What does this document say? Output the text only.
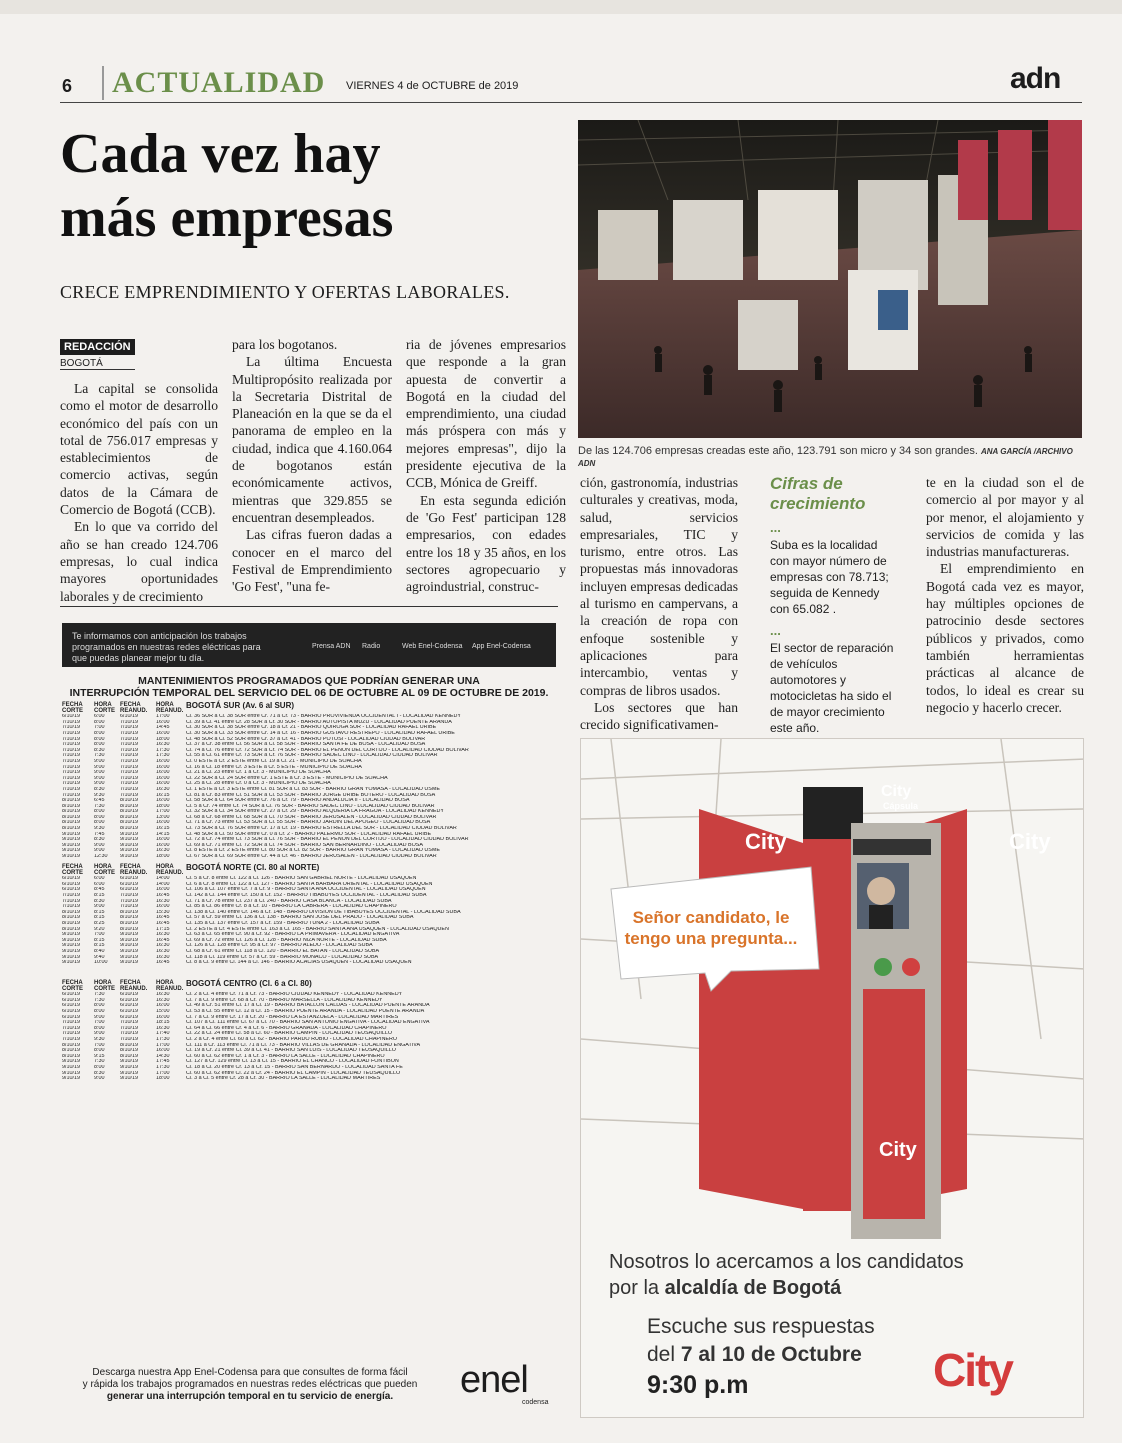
6	ACTUALIDAD VIERNES 4 de OCTUBRE de 2019	adn
Cada vez hay
más empresas
CRECE EMPRENDIMIENTO Y OFERTAS LABORALES.
De las 124.706 empresas creadas este año, 123.791 son micro y 34 son grandes. ANA GARCÍA /ARCHIVO ADN
REDACCIÓN
BOGOTÁ

La capital se consolida como el motor de desarrollo económico del país con un total de 756.017 empresas y establecimientos de comercio activas, según datos de la Cámara de Comercio de Bogotá (CCB).

En lo que va corrido del año se han creado 124.706 empresas, lo cual indica mayores oportunidades laborales y de crecimiento

para los bogotanos.

La última Encuesta Multipropósito realizada por la Secretaria Distrital de Planeación en la que se da el panorama de empleo en la ciudad, indica que 4.160.064 de bogotanos están económicamente activos, mientras que 329.855 se encuentran desempleados.

Las cifras fueron dadas a conocer en el marco del Festival de Emprendimiento 'Go Fest', "una fe-

ria de jóvenes empresarios que responde a la gran apuesta de convertir a Bogotá en la ciudad del emprendimiento, una ciudad más próspera con más y mejores empresas", dijo la presidente ejecutiva de la CCB, Mónica de Greiff.

En esta segunda edición de 'Go Fest' participan 128 empresarios, con edades entre los 18 y 35 años, en los sectores agropecuario y agroindustrial, construc-

ción, gastronomía, industrias culturales y creativas, moda, salud, servicios empresariales, TIC y turismo, entre otros. Las propuestas más innovadoras incluyen empresas dedicadas al turismo en campervans, a la creación de ropa con enfoque sostenible y aplicaciones para intercambio, ventas y compras de libros usados.

Los sectores que han crecido significativamen-

te en la ciudad son el de comercio al por mayor y al por menor, el alojamiento y servicios de comida y las industrias manufactureras.

El emprendimiento en Bogotá cada vez es mayor, hay múltiples opciones de patrocinio desde sectores públicos y privados, como también herramientas prácticas al alcance de todos, lo ideal es crear su negocio y hacerlo crecer.

Cifras de crecimiento
...
Suba es la localidad con mayor número de empresas con 78.713; seguida de Kennedy con 65.082 .
...
El sector de reparación de vehículos automotores y motocicletas ha sido el de mayor crecimiento este año.
Te informamos con anticipación los trabajos programados en nuestras redes eléctricas para que puedas planear mejor tu día.
Prensa ADN Radio	Web Enel-Codensa App Enel-Codensa
MANTENIMIENTOS PROGRAMADOS QUE PODRÍAN GENERAR UNA
INTERRUPCIÓN TEMPORAL DEL SERVICIO DEL 06 DE OCTUBRE AL 09 DE OCTUBRE DE 2019.
FECHA CORTE
HORA CORTE
FECHA REANUD.
HORA REANUD.
BOGOTÁ SUR (Av. 6 al SUR)
6/10/19	6:00	6/10/19	17:00	Cl. 36 SUR a Cl. 38 SUR entre Cr. 71 a Cr. 73 - BARRIO PROVIVIENDA OCCIDENTAL I - LOCALIDAD KENNEDY
7/10/19	8:00	7/10/19	16:00	Cl. 39 a Cl. 41 entre Cr. 28 SUR a Cr. 30 SUR - BARRIO AUTOPISTA MUZU - LOCALIDAD PUENTE ARANDA
7/10/19	7:00	7/10/19	14:45	Cl. 30 SUR a Cl. 38 SUR entre Cr. 18 a Cr. 21 - BARRIO QUIROGA SUR - LOCALIDAD RAFAEL URIBE
7/10/19	8:00	7/10/19	16:00	Cl. 30 SUR a Cl. 33 SUR entre Cr. 14 a Cr. 16 - BARRIO GUSTAVO RESTREPO - LOCALIDAD RAFAEL URIBE
7/10/19	8:00	7/10/19	18:00	Cl. 48 SUR a Cl. 52 SUR entre Cr. 37 a Cr. 41 - BARRIO POTOSI - LOCALIDAD CIUDAD BOLIVAR
7/10/19	8:00	7/10/19	16:30	Cl. 37 a Cr. 38 entre Cl. 56 SUR a Cl. 58 SUR - BARRIO SANTA FE DE BOSA - LOCALIDAD BOSA
7/10/19	8:30	7/10/19	17:30	Cl. 74 a Cl. 76 entre Cr. 72 SUR a Cr. 74 SUR - BARRIO EL PEÑON DEL CORTIJO - LOCALIDAD CIUDAD BOLIVAR
7/10/19	7:30	7/10/19	17:30	Cl. 55 a Cl. 61 entre Cr. 73 SUR a Cr. 76 SUR - BARRIO SADEC LINO - LOCALIDAD CIUDAD BOLIVAR
7/10/19	9:00	7/10/19	16:00	Cl. 0 ESTE a Cr. 2 ESTE entre Cl. 19 a Cl. 21 - MUNICIPIO DE SOACHA
7/10/19	9:00	7/10/19	16:00	Cl. 16 a Cl. 18 entre Cr. 3 ESTE a Cr. 5 ESTE - MUNICIPIO DE SOACHA
7/10/19	9:00	7/10/19	16:00	Cl. 21 a Cl. 23 entre Cr. 1 a Cr. 3 - MUNICIPIO DE SOACHA
7/10/19	9:00	7/10/19	16:00	Cl. 22 SUR a Cl. 24 SUR entre Cr. 1 ESTE a Cr. 3 ESTE - MUNICIPIO DE SOACHA
7/10/19	9:00	7/10/19	16:00	Cl. 25 a Cl. 28 entre Cr. 0 a Cr. 3 - MUNICIPIO DE SOACHA
7/10/19	8:30	7/10/19	16:30	Cl. 1 ESTE a Cr. 3 ESTE entre Cl. 81 SUR a Cl. 83 SUR - BARRIO GRAN YOMASA - LOCALIDAD USME
7/10/19	9:30	7/10/19	16:15	Cl. 81 a Cr. 83 entre Cl. 51 SUR a Cl. 53 SUR - BARRIO JORGE URIBE BOTERO - LOCALIDAD BOSA
8/10/19	6:45	8/10/19	16:00	Cl. 58 SUR a Cl. 64 SUR entre Cr. 76 a Cr. 79 - BARRIO ANDALUCIA II - LOCALIDAD BOSA
8/10/19	7:30	8/10/19	18:00	Cl. 5 a Cr. 74 entre Cr. 74 SUR a Cl. 76 SUR - BARRIO SADEC LINO - LOCALIDAD CIUDAD BOLIVAR
8/10/19	8:00	8/10/19	17:00	Cl. 32 SUR a Cl. 34 SUR entre Cr. 27 a Cr. 29 - BARRIO ALQUERIA LA FRAGUA - LOCALIDAD KENNEDY
8/10/19	8:00	8/10/19	13:00	Cl. 68 a Cr. 68 entre Cl. 68 SUR a Cl. 70 SUR - BARRIO JERUSALEN - LOCALIDAD CIUDAD BOLIVAR
8/10/19	8:00	8/10/19	16:00	Cl. 71 a Cr. 73 entre Cl. 53 SUR a Cl. 55 SUR - BARRIO JARDIN DEL APOGEO - LOCALIDAD BOSA
8/10/19	9:30	8/10/19	16:15	Cl. 73 SUR a Cl. 76 SUR entre Cr. 17 a Cr. 19 - BARRIO ESTRELLA DEL SUR - LOCALIDAD CIUDAD BOLIVAR
9/10/19	7:45	9/10/19	14:15	Cl. 48 SUR a Cl. 50 SUR entre Cr. 0 a Cr. 2 - BARRIO PALERMO SUR - LOCALIDAD RAFAEL URIBE
9/10/19	8:30	9/10/19	16:00	Cl. 72 a Cr. 74 entre Cl. 73 SUR a Cl. 76 SUR - BARRIO EL PEÑON DEL CORTIJO - LOCALIDAD CIUDAD BOLIVAR
9/10/19	9:00	9/10/19	16:00	Cl. 69 a Cr. 71 entre Cl. 72 SUR a Cl. 74 SUR - BARRIO SAN BERNARDINO - LOCALIDAD BOSA
9/10/19	9:00	9/10/19	16:30	Cl. 8 ESTE a Cr. 2 ESTE entre Cl. 80 SUR a Cl. 82 SUR - BARRIO GRAN YOMASA - LOCALIDAD USME
9/10/19	12:30	9/10/19	18:00	Cl. 67 SUR a Cl. 69 SUR entre Cr. 44 a Cr. 46 - BARRIO JERUSALEN - LOCALIDAD CIUDAD BOLIVAR
FECHA CORTE
HORA CORTE
FECHA REANUD.
HORA REANUD.
BOGOTÁ NORTE (Cl. 80 al NORTE)
6/10/19	6:00	6/10/19	14:00	Cl. 5 a Cr. 8 entre Cl. 122 a Cl. 126 - BARRIO SAN GABRIEL NORTE - LOCALIDAD USAQUEN
6/10/19	6:00	6/10/19	14:00	Cl. 6 a Cr. 8 entre Cl. 122 a Cl. 127 - BARRIO SANTA BARBARA ORIENTAL - LOCALIDAD USAQUEN
6/10/19	8:45	6/10/19	16:00	Cl. 106 a Cl. 107 entre Cr. 7 a Cr. 9 - BARRIO SANTA ANA OCCIDENTAL - LOCALIDAD USAQUEN
7/10/19	8:15	7/10/19	16:45	Cl. 142 a Cl. 144 entre Cr. 150 a Cr. 152 - BARRIO TIBABUYES OCCIDENTAL - LOCALIDAD SUBA
7/10/19	8:30	7/10/19	16:30	Cl. 71 a Cr. 78 entre Cl. 237 a Cl. 240 - BARRIO CASA BLANCA - LOCALIDAD SUBA
7/10/19	9:00	7/10/19	16:00	Cl. 85 a Cl. 86 entre Cr. 8 a Cr. 10 - BARRIO LA CABRERA - LOCALIDAD CHAPINERO
8/10/19	8:15	8/10/19	15:30	Cl. 138 a Cl. 140 entre Cr. 146 a Cr. 148 - BARRIO DIVISION DE TIBABUYES OCCIDENTAL - LOCALIDAD SUBA
8/10/19	8:15	8/10/19	16:45	Cl. 57 a Cr. 59 entre Cl. 136 a Cl. 138 - BARRIO SAN JOSE DEL PRADO - LOCALIDAD SUBA
8/10/19	8:25	8/10/19	16:45	Cl. 135 a Cl. 137 entre Cr. 157 a Cr. 159 - BARRIO TUNA 2 - LOCALIDAD SUBA
8/10/19	9:20	8/10/19	17:15	Cl. 2 ESTE a Cr. 4 ESTE entre Cl. 163 a Cl. 165 - BARRIO SANTA ANA USAQUEN - LOCALIDAD USAQUEN
9/10/19	7:00	9/10/19	16:30	Cl. 63 a Cl. 65 entre Cr. 90 a Cr. 92 - BARRIO LA PRIMAVERA - LOCALIDAD ENGATIVA
9/10/19	8:15	9/10/19	16:45	Cl. 69 a Cr. 72 entre Cl. 126 a Cl. 128 - BARRIO NIZA NORTE - LOCALIDAD SUBA
9/10/19	8:15	9/10/19	16:30	Cl. 126 a Cl. 128 entre Cr. 95 a Cr. 97 - BARRIO ALEDO - LOCALIDAD SUBA
9/10/19	8:40	9/10/19	16:30	Cl. 68 a Cr. 61 entre Cl. 118 a Cl. 120 - BARRIO EL BATAN - LOCALIDAD SUBA
9/10/19	9:40	9/10/19	16:30	Cl. 118 a Cl. 119 entre Cr. 57 a Cr. 59 - BARRIO MONACO - LOCALIDAD SUBA
9/10/19	10:00	9/10/19	16:45	Cl. 8 a Cl. 9 entre Cl. 144 a Cl. 146 - BARRIO ACACIAS USAQUEN - LOCALIDAD USAQUEN
FECHA CORTE
HORA CORTE
FECHA REANUD.
HORA REANUD.
BOGOTÁ CENTRO (Cl. 6 a Cl. 80)
6/10/19	7:30	6/10/19	16:30	Cl. 2 a Cl. 4 entre Cr. 71 a Cr. 73 - BARRIO CIUDAD KENNEDY - LOCALIDAD KENNEDY
6/10/19	7:30	6/10/19	16:30	Cl. 7 a Cl. 9 entre Cr. 68 a Cr. 70 - BARRIO MARSELLA - LOCALIDAD KENNEDY
6/10/19	8:00	6/10/19	16:00	Cl. 49 a Cr. 51 entre Cl. 17 a Cl. 19 - BARRIO BATALLON CALDAS - LOCALIDAD PUENTE ARANDA
6/10/19	8:00	6/10/19	15:00	Cl. 53 a Cl. 55 entre Cl. 12 a Cl. 15 - BARRIO PUENTE ARANDA - LOCALIDAD PUENTE ARANDA
6/10/19	9:00	6/10/19	16:00	Cl. 7 a Cl. 9 entre Cr. 17 a Cr. 20 - BARRIO LA ESTANZUELA - LOCALIDAD MARTIRES
7/10/19	7:00	7/10/19	18:15	Cl. 107 a Cl. 111 entre Cl. 67 a Cl. 70 - BARRIO SAN ANTONIO ENGATIVA - LOCALIDAD ENGATIVA
7/10/19	8:00	7/10/19	16:30	Cl. 64 a Cl. 66 entre Cr. 4 a Cr. 6 - BARRIO GRANADA - LOCALIDAD CHAPINERO
7/10/19	9:00	7/10/19	17:40	Cl. 22 a Cl. 24 entre Cl. 58 a Cl. 60 - BARRIO CAMPIN - LOCALIDAD TEUSAQUILLO
7/10/19	9:30	7/10/19	17:30	Cl. 2 a Cr. 4 entre Cl. 60 a Cl. 62 - BARRIO PARDO RUBIO - LOCALIDAD CHAPINERO
8/10/19	7:00	8/10/19	17:00	Cl. 111 a Cr. 113 entre Cl. 71 a Cl. 73 - BARRIO VILLAS DE GRANADA - LOCALIDAD ENGATIVA
8/10/19	8:00	8/10/19	16:00	Cl. 19 a Cr. 21 entre Cl. 39 a Cl. 41 - BARRIO SAN LUIS - LOCALIDAD TEUSAQUILLO
8/10/19	9:15	8/10/19	14:30	Cl. 60 a Cl. 62 entre Cr. 1 a Cr. 3 - BARRIO LA SALLE - LOCALIDAD CHAPINERO
9/10/19	7:30	9/10/19	17:45	Cl. 127 a Cr. 129 entre Cl. 13 a Cl. 15 - BARRIO EL CHANCO - LOCALIDAD FONTIBON
9/10/19	8:00	9/10/19	17:30	Cl. 18 a Cl. 20 entre Cr. 13 a Cr. 15 - BARRIO SAN BERNARDO - LOCALIDAD SANTA FE
9/10/19	8:30	9/10/19	17:00	Cl. 60 a Cl. 62 entre Cl. 22 a Cr. 24 - BARRIO EL CAMPIN - LOCALIDAD TEUSAQUILLO
9/10/19	9:00	9/10/19	18:00	Cl. 3 a Cl. 5 entre Cr. 28 a Cr. 30 - BARRIO LA SALLE - LOCALIDAD MARTIRES
Descarga nuestra App Enel-Codensa para que consultes de forma fácil
y rápida los trabajos programados en nuestras redes eléctricas que pueden
generar una interrupción temporal en tu servicio de energía.	enel
codensa
City
Cápsula
City	City
City
Señor candidato, le tengo una pregunta...
Nosotros lo acercamos a los candidatos
por la alcaldía de Bogotá
Escuche sus respuestas
del 7 al 10 de Octubre
9:30 p.m	City
